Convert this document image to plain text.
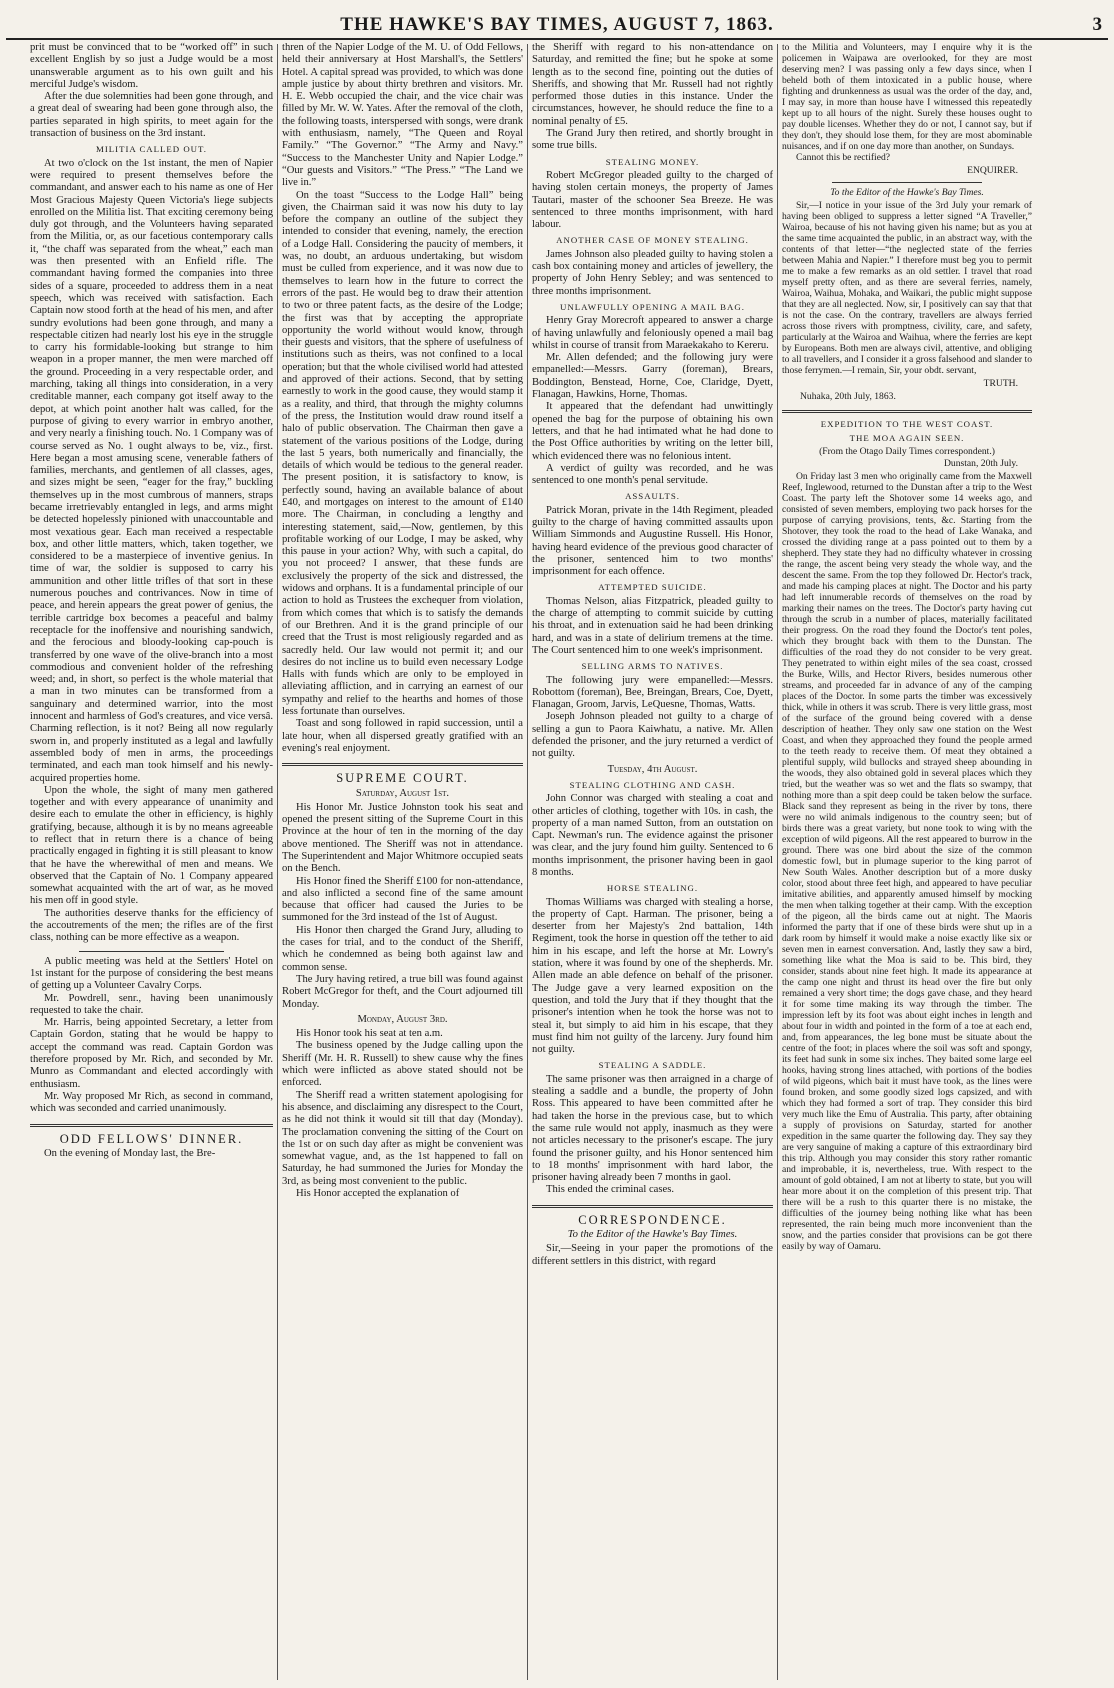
THE HAWKE'S BAY TIMES, AUGUST 7, 1863.	3

prit must be convinced that to be “worked off” in such excellent English by so just a Judge would be a most unanswerable argument as to his own guilt and his merciful Judge's wisdom.

After the due solemnities had been gone through, and a great deal of swearing had been gone through also, the parties separated in high spirits, to meet again for the transaction of business on the 3rd instant.

MILITIA CALLED OUT.

At two o'clock on the 1st instant, the men of Napier were required to present themselves before the commandant, and answer each to his name as one of Her Most Gracious Majesty Queen Victoria's liege subjects enrolled on the Militia list. That exciting ceremony being duly got through, and the Volunteers having separated from the Militia, or, as our facetious contemporary calls it, “the chaff was separated from the wheat,” each man was then presented with an Enfield rifle. The commandant having formed the companies into three sides of a square, proceeded to address them in a neat speech, which was received with satisfaction. Each Captain now stood forth at the head of his men, and after sundry evolutions had been gone through, and many a respectable citizen had nearly lost his eye in the struggle to carry his formidable-looking but strange to him weapon in a proper manner, the men were marched off the ground. Proceeding in a very respectable order, and marching, taking all things into consideration, in a very creditable manner, each company got itself away to the depot, at which point another halt was called, for the purpose of giving to every warrior in embryo another, and very nearly a finishing touch. No. 1 Company was of course served as No. 1 ought always to be, viz., first. Here began a most amusing scene, venerable fathers of families, merchants, and gentlemen of all classes, ages, and sizes might be seen, “eager for the fray,” buckling themselves up in the most cumbrous of manners, straps became irretrievably entangled in legs, and arms might be detected hopelessly pinioned with unaccountable and most vexatious gear. Each man received a respectable box, and other little matters, which, taken together, we considered to be a masterpiece of inventive genius. In time of war, the soldier is supposed to carry his ammunition and other little trifles of that sort in these numerous pouches and contrivances. Now in time of peace, and herein appears the great power of genius, the terrible cartridge box becomes a peaceful and balmy receptacle for the inoffensive and nourishing sandwich, and the ferocious and bloody-looking cap-pouch is transferred by one wave of the olive-branch into a most commodious and convenient holder of the refreshing weed; and, in short, so perfect is the whole material that a man in two minutes can be transformed from a sanguinary and determined warrior, into the most innocent and harmless of God's creatures, and vice versâ. Charming reflection, is it not? Being all now regularly sworn in, and properly instituted as a legal and lawfully assembled body of men in arms, the proceedings terminated, and each man took himself and his newly-acquired properties home.

Upon the whole, the sight of many men gathered together and with every appearance of unanimity and desire each to emulate the other in efficiency, is highly gratifying, because, although it is by no means agreeable to reflect that in return there is a chance of being practically engaged in fighting it is still pleasant to know that he have the wherewithal of men and means. We observed that the Captain of No. 1 Company appeared somewhat acquainted with the art of war, as he moved his men off in good style.

The authorities deserve thanks for the efficiency of the accoutrements of the men; the rifles are of the first class, nothing can be more effective as a weapon.

A public meeting was held at the Settlers' Hotel on 1st instant for the purpose of considering the best means of getting up a Volunteer Cavalry Corps.

Mr. Powdrell, senr., having been unanimously requested to take the chair.

Mr. Harris, being appointed Secretary, a letter from Captain Gordon, stating that he would be happy to accept the command was read. Captain Gordon was therefore proposed by Mr. Rich, and seconded by Mr. Munro as Commandant and elected accordingly with enthusiasm.

Mr. Way proposed Mr Rich, as second in command, which was seconded and carried unanimously.

ODD FELLOWS' DINNER.

On the evening of Monday last, the Bre-

thren of the Napier Lodge of the M. U. of Odd Fellows, held their anniversary at Host Marshall's, the Settlers' Hotel. A capital spread was provided, to which was done ample justice by about thirty brethren and visitors. Mr. H. E. Webb occupied the chair, and the vice chair was filled by Mr. W. W. Yates. After the removal of the cloth, the following toasts, interspersed with songs, were drank with enthusiasm, namely, “The Queen and Royal Family.” “The Governor.” “The Army and Navy.” “Success to the Manchester Unity and Napier Lodge.” “Our guests and Visitors.” “The Press.” “The Land we live in.”

On the toast “Success to the Lodge Hall” being given, the Chairman said it was now his duty to lay before the company an outline of the subject they intended to consider that evening, namely, the erection of a Lodge Hall. Considering the paucity of members, it was, no doubt, an arduous undertaking, but wisdom must be culled from experience, and it was now due to themselves to learn how in the future to correct the errors of the past. He would beg to draw their attention to two or three patent facts, as the desire of the Lodge; the first was that by accepting the appropriate opportunity the world without would know, through their guests and visitors, that the sphere of usefulness of institutions such as theirs, was not confined to a local operation; but that the whole civilised world had attested and approved of their actions. Second, that by setting earnestly to work in the good cause, they would stamp it as a reality, and third, that through the mighty columns of the press, the Institution would draw round itself a halo of public observation. The Chairman then gave a statement of the various positions of the Lodge, during the last 5 years, both numerically and financially, the details of which would be tedious to the general reader. The present position, it is satisfactory to know, is perfectly sound, having an available balance of about £40, and mortgages on interest to the amount of £140 more. The Chairman, in concluding a lengthy and interesting statement, said,—Now, gentlemen, by this profitable working of our Lodge, I may be asked, why this pause in your action? Why, with such a capital, do you not proceed? I answer, that these funds are exclusively the property of the sick and distressed, the widows and orphans. It is a fundamental principle of our action to hold as Trustees the exchequer from violation, from which comes that which is to satisfy the demands of our Brethren. And it is the grand principle of our creed that the Trust is most religiously regarded and as sacredly held. Our law would not permit it; and our desires do not incline us to build even necessary Lodge Halls with funds which are only to be employed in alleviating affliction, and in carrying an earnest of our sympathy and relief to the hearths and homes of those less fortunate than ourselves.

Toast and song followed in rapid succession, until a late hour, when all dispersed greatly gratified with an evening's real enjoyment.

SUPREME COURT.
Saturday, August 1st.

His Honor Mr. Justice Johnston took his seat and opened the present sitting of the Supreme Court in this Province at the hour of ten in the morning of the day above mentioned. The Sheriff was not in attendance. The Superintendent and Major Whitmore occupied seats on the Bench.

His Honor fined the Sheriff £100 for non-attendance, and also inflicted a second fine of the same amount because that officer had caused the Juries to be summoned for the 3rd instead of the 1st of August.

His Honor then charged the Grand Jury, alluding to the cases for trial, and to the conduct of the Sheriff, which he condemned as being both against law and common sense.

The Jury having retired, a true bill was found against Robert McGregor for theft, and the Court adjourned till Monday.

Monday, August 3rd.

His Honor took his seat at ten a.m.

The business opened by the Judge calling upon the Sheriff (Mr. H. R. Russell) to shew cause why the fines which were inflicted as above stated should not be enforced.

The Sheriff read a written statement apologising for his absence, and disclaiming any disrespect to the Court, as he did not think it would sit till that day (Monday). The proclamation convening the sitting of the Court on the 1st or on such day after as might be convenient was somewhat vague, and, as the 1st happened to fall on Saturday, he had summoned the Juries for Monday the 3rd, as being most convenient to the public.

His Honor accepted the explanation of

the Sheriff with regard to his non-attendance on Saturday, and remitted the fine; but he spoke at some length as to the second fine, pointing out the duties of Sheriffs, and showing that Mr. Russell had not rightly performed those duties in this instance. Under the circumstances, however, he should reduce the fine to a nominal penalty of £5.

The Grand Jury then retired, and shortly brought in some true bills.

STEALING MONEY.

Robert McGregor pleaded guilty to the charged of having stolen certain moneys, the property of James Tautari, master of the schooner Sea Breeze. He was sentenced to three months imprisonment, with hard labour.

ANOTHER CASE OF MONEY STEALING.

James Johnson also pleaded guilty to having stolen a cash box containing money and articles of jewellery, the property of John Henry Sebley; and was sentenced to three months imprisonment.

UNLAWFULLY OPENING A MAIL BAG.

Henry Gray Morecroft appeared to answer a charge of having unlawfully and feloniously opened a mail bag whilst in course of transit from Maraekakaho to Kereru.

Mr. Allen defended; and the following jury were empanelled:—Messrs. Garry (foreman), Brears, Boddington, Benstead, Horne, Coe, Claridge, Dyett, Flanagan, Hawkins, Horne, Thomas.

It appeared that the defendant had unwittingly opened the bag for the purpose of obtaining his own letters, and that he had intimated what he had done to the Post Office authorities by writing on the letter bill, which evidenced there was no felonious intent.

A verdict of guilty was recorded, and he was sentenced to one month's penal servitude.

ASSAULTS.

Patrick Moran, private in the 14th Regiment, pleaded guilty to the charge of having committed assaults upon William Simmonds and Augustine Russell. His Honor, having heard evidence of the previous good character of the prisoner, sentenced him to two months' imprisonment for each offence.

ATTEMPTED SUICIDE.

Thomas Nelson, alias Fitzpatrick, pleaded guilty to the charge of attempting to commit suicide by cutting his throat, and in extenuation said he had been drinking hard, and was in a state of delirium tremens at the time. The Court sentenced him to one week's imprisonment.

SELLING ARMS TO NATIVES.

The following jury were empanelled:—Messrs. Robottom (foreman), Bee, Breingan, Brears, Coe, Dyett, Flanagan, Groom, Jarvis, LeQuesne, Thomas, Watts.

Joseph Johnson pleaded not guilty to a charge of selling a gun to Paora Kaiwhatu, a native. Mr. Allen defended the prisoner, and the jury returned a verdict of not guilty.

Tuesday, 4th August.
STEALING CLOTHING AND CASH.

John Connor was charged with stealing a coat and other articles of clothing, together with 10s. in cash, the property of a man named Sutton, from an outstation on Capt. Newman's run. The evidence against the prisoner was clear, and the jury found him guilty. Sentenced to 6 months imprisonment, the prisoner having been in gaol 8 months.

HORSE STEALING.

Thomas Williams was charged with stealing a horse, the property of Capt. Harman. The prisoner, being a deserter from her Majesty's 2nd battalion, 14th Regiment, took the horse in question off the tether to aid him in his escape, and left the horse at Mr. Lowry's station, where it was found by one of the shepherds. Mr. Allen made an able defence on behalf of the prisoner. The Judge gave a very learned exposition on the question, and told the Jury that if they thought that the prisoner's intention when he took the horse was not to steal it, but simply to aid him in his escape, that they must find him not guilty of the larceny. Jury found him not guilty.

STEALING A SADDLE.

The same prisoner was then arraigned in a charge of stealing a saddle and a bundle, the property of John Ross. This appeared to have been committed after he had taken the horse in the previous case, but to which the same rule would not apply, inasmuch as they were not articles necessary to the prisoner's escape. The jury found the prisoner guilty, and his Honor sentenced him to 18 months' imprisonment with hard labor, the prisoner having already been 7 months in gaol.

This ended the criminal cases.

CORRESPONDENCE.
To the Editor of the Hawke's Bay Times.

Sir,—Seeing in your paper the promotions of the different settlers in this district, with regard

to the Militia and Volunteers, may I enquire why it is the policemen in Waipawa are overlooked, for they are most deserving men? I was passing only a few days since, when I beheld both of them intoxicated in a public house, where fighting and drunkenness as usual was the order of the day, and, I may say, in more than house have I witnessed this repeatedly kept up to all hours of the night. Surely these houses ought to pay double licenses. Whether they do or not, I cannot say, but if they don't, they should lose them, for they are most abominable nuisances, and if on one day more than another, on Sundays.

Cannot this be rectified?

ENQUIRER.
To the Editor of the Hawke's Bay Times.

Sir,—I notice in your issue of the 3rd July your remark of having been obliged to suppress a letter signed “A Traveller,” Wairoa, because of his not having given his name; but as you at the same time acquainted the public, in an abstract way, with the contents of that letter—“the neglected state of the ferries between Mahia and Napier.” I therefore must beg you to permit me to make a few remarks as an old settler. I travel that road myself pretty often, and as there are several ferries, namely, Wairoa, Waihua, Mohaka, and Waikari, the public might suppose that they are all neglected. Now, sir, I positively can say that that is not the case. On the contrary, travellers are always ferried across those rivers with promptness, civility, care, and safety, particularly at the Wairoa and Waihua, where the ferries are kept by Europeans. Both men are always civil, attentive, and obliging to all travellers, and I consider it a gross falsehood and slander to those ferrymen.—I remain, Sir, your obdt. servant,

TRUTH.
Nuhaka, 20th July, 1863.
EXPEDITION TO THE WEST COAST.
THE MOA AGAIN SEEN.
(From the Otago Daily Times correspondent.)
Dunstan, 20th July.

On Friday last 3 men who originally came from the Maxwell Reef, Inglewood, returned to the Dunstan after a trip to the West Coast. The party left the Shotover some 14 weeks ago, and consisted of seven members, employing two pack horses for the purpose of carrying provisions, tents, &c. Starting from the Shotover, they took the road to the head of Lake Wanaka, and crossed the dividing range at a pass pointed out to them by a shepherd. They state they had no difficulty whatever in crossing the range, the ascent being very steady the whole way, and the descent the same. From the top they followed Dr. Hector's track, and made his camping places at night. The Doctor and his party had left innumerable records of themselves on the road by marking their names on the trees. The Doctor's party having cut through the scrub in a number of places, materially facilitated their progress. On the road they found the Doctor's tent poles, which they brought back with them to the Dunstan. The difficulties of the road they do not consider to be very great. They penetrated to within eight miles of the sea coast, crossed the Burke, Wills, and Hector Rivers, besides numerous other streams, and proceeded far in advance of any of the camping places of the Doctor. In some parts the timber was excessively thick, while in others it was scrub. There is very little grass, most of the surface of the ground being covered with a dense description of heather. They only saw one station on the West Coast, and when they approached they found the people armed to the teeth ready to receive them. Of meat they obtained a plentiful supply, wild bullocks and strayed sheep abounding in the woods, they also obtained gold in several places which they tried, but the weather was so wet and the flats so swampy, that nothing more than a spit deep could be taken below the surface. Black sand they represent as being in the river by tons, there were no wild animals indigenous to the country seen; but of birds there was a great variety, but none took to wing with the exception of wild pigeons. All the rest appeared to burrow in the ground. There was one bird about the size of the common domestic fowl, but in plumage superior to the king parrot of New South Wales. Another description but of a more dusky color, stood about three feet high, and appeared to have peculiar imitative abilities, and apparently amused himself by mocking the men when talking together at their camp. With the exception of the pigeon, all the birds came out at night. The Maoris informed the party that if one of these birds were shut up in a dark room by himself it would make a noise exactly like six or seven men in earnest conversation. And, lastly they saw a bird, something like what the Moa is said to be. This bird, they consider, stands about nine feet high. It made its appearance at the camp one night and thrust its head over the fire but only remained a very short time; the dogs gave chase, and they heard it for some time making its way through the timber. The impression left by its foot was about eight inches in length and about four in width and pointed in the form of a toe at each end, and, from appearances, the leg bone must be situate about the centre of the foot; in places where the soil was soft and spongy, its feet had sunk in some six inches. They baited some large eel hooks, having strong lines attached, with portions of the bodies of wild pigeons, which bait it must have took, as the lines were found broken, and some goodly sized logs capsized, and with which they had formed a sort of trap. They consider this bird very much like the Emu of Australia. This party, after obtaining a supply of provisions on Saturday, started for another expedition in the same quarter the following day. They say they are very sanguine of making a capture of this extraordinary bird this trip. Although you may consider this story rather romantic and improbable, it is, nevertheless, true. With respect to the amount of gold obtained, I am not at liberty to state, but you will hear more about it on the completion of this present trip. That there will be a rush to this quarter there is no mistake, the difficulties of the journey being nothing like what has been represented, the rain being much more inconvenient than the snow, and the parties consider that provisions can be got there easily by way of Oamaru.
